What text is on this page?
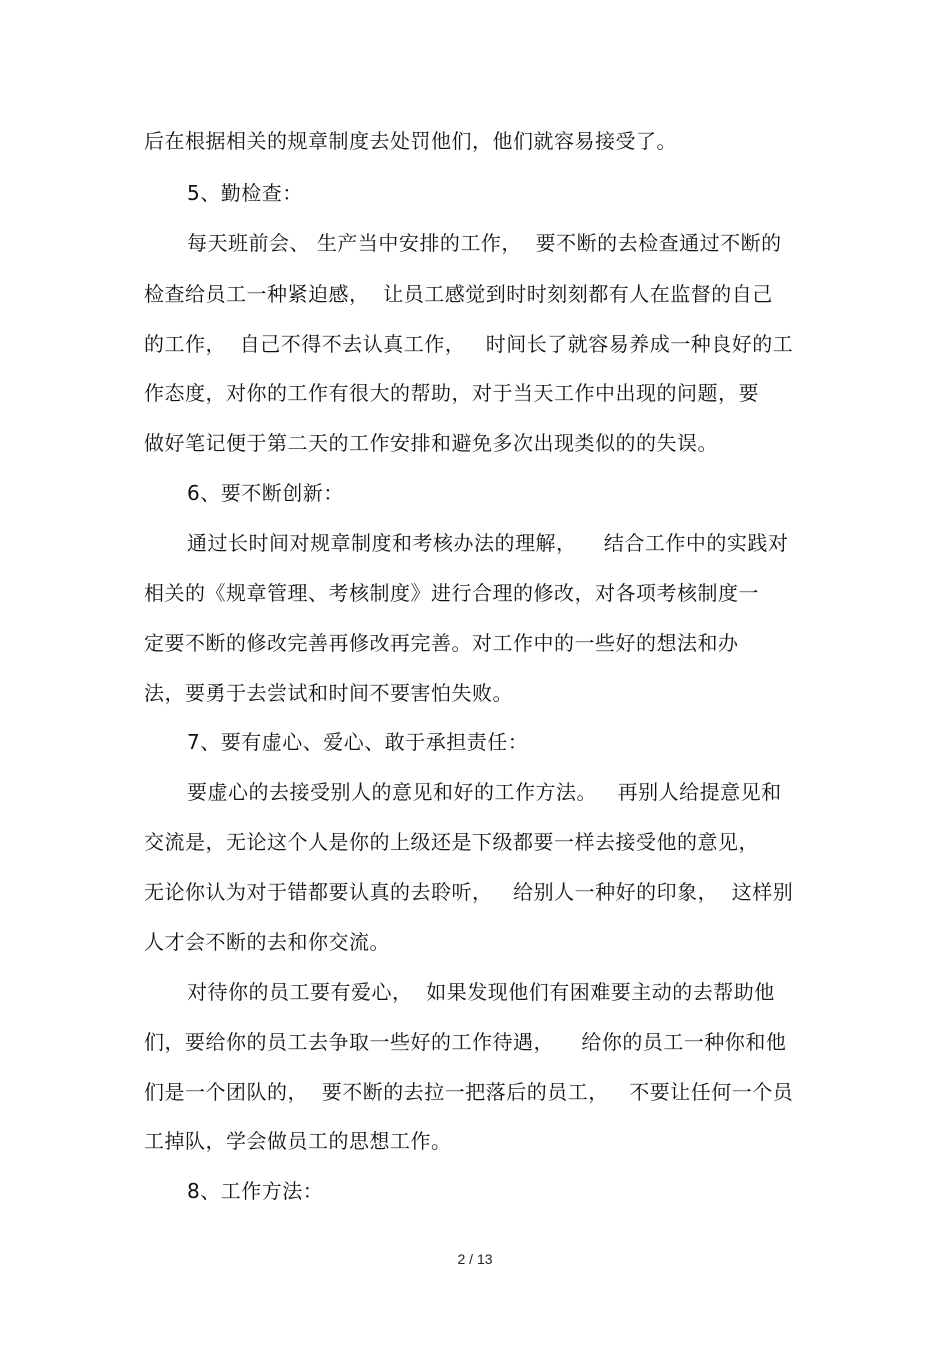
后在根据相关的规章制度去处罚他们，他们就容易接受了。
5、勤检查：
每天班前会、 生产当中安排的工作，  要不断的去检查通过不断的
检查给员工一种紧迫感，  让员工感觉到时时刻刻都有人在监督的自己
的工作，  自己不得不去认真工作，   时间长了就容易养成一种良好的工
作态度，对你的工作有很大的帮助，对于当天工作中出现的问题，要
做好笔记便于第二天的工作安排和避免多次出现类似的的失误。
6、要不断创新：
通过长时间对规章制度和考核办法的理解，    结合工作中的实践对
相关的《规章管理、考核制度》进行合理的修改，对各项考核制度一
定要不断的修改完善再修改再完善。对工作中的一些好的想法和办
法，要勇于去尝试和时间不要害怕失败。
7、要有虚心、爱心、敢于承担责任：
要虚心的去接受别人的意见和好的工作方法。   再别人给提意见和
交流是，无论这个人是你的上级还是下级都要一样去接受他的意见，
无论你认为对于错都要认真的去聆听，   给别人一种好的印象，  这样别
人才会不断的去和你交流。
对待你的员工要有爱心，  如果发现他们有困难要主动的去帮助他
们，要给你的员工去争取一些好的工作待遇，    给你的员工一种你和他
们是一个团队的，  要不断的去拉一把落后的员工，   不要让任何一个员
工掉队，学会做员工的思想工作。
8、工作方法：
2 / 13
